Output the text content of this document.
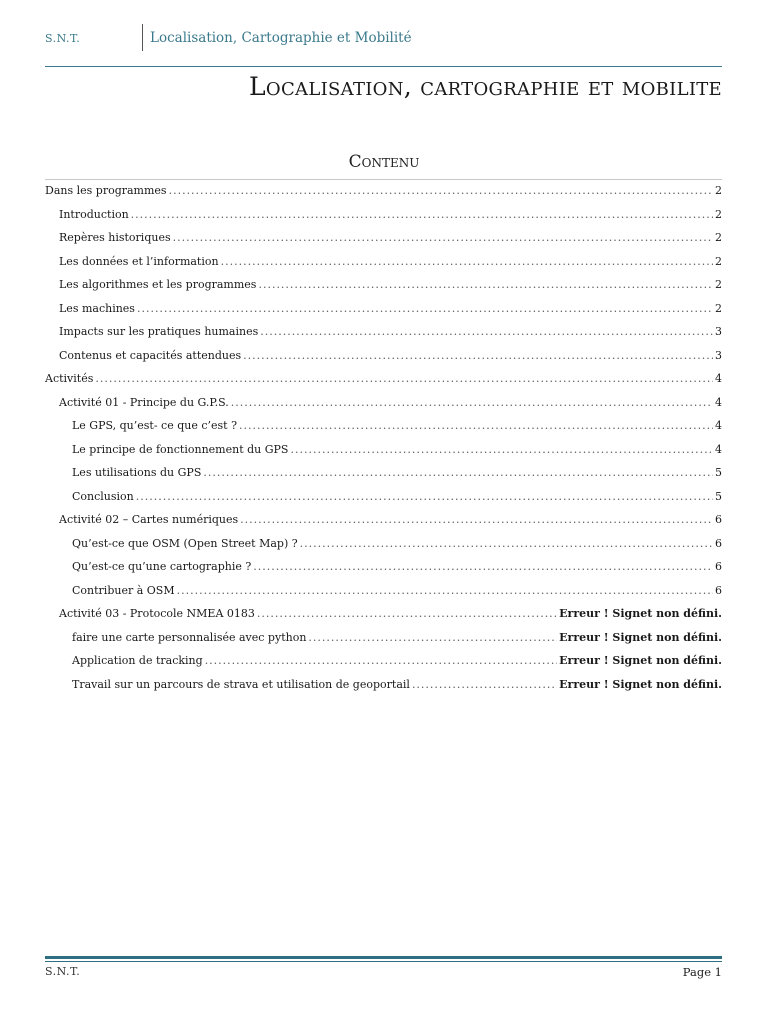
S.N.T.	Localisation, Cartographie et Mobilité
Localisation, cartographie et mobilite
Contenu
Dans les programmes .....	2
Introduction .....	2
Repères historiques .....	2
Les données et l’information .....	2
Les algorithmes et les programmes .....	2
Les machines .....	2
Impacts sur les pratiques humaines .....	3
Contenus et capacités attendues .....	3
Activités .....	4
Activité 01 - Principe du G.P.S. .....	4
Le GPS, qu’est- ce que c’est ? .....	4
Le principe de fonctionnement du GPS .....	4
Les utilisations du GPS .....	5
Conclusion .....	5
Activité 02 – Cartes numériques .....	6
Qu’est-ce que OSM (Open Street Map) ? .....	6
Qu’est-ce qu’une cartographie ? .....	6
Contribuer à OSM .....	6
Activité 03 - Protocole NMEA 0183 .....	Erreur ! Signet non défini.
faire une carte personnalisée avec python .....	Erreur ! Signet non défini.
Application de tracking .....	Erreur ! Signet non défini.
Travail sur un parcours de strava et utilisation de geoportail .....	Erreur ! Signet non défini.
S.N.T.	Page 1
